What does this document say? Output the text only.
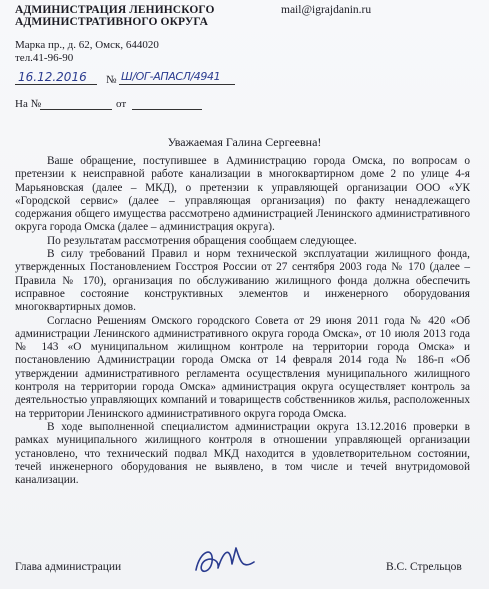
АДМИНИСТРАЦИЯ ЛЕНИНСКОГО
АДМИНИСТРАТИВНОГО ОКРУГА
mail@igrajdanin.ru
Марка пр., д. 62, Омск, 644020
тел.41-96-90
16.12.2016 № Ш/ОГ-АПАСЛ/4941
На №	от
Уважаемая Галина Сергеевна!

Ваше обращение, поступившее в Администрацию города Омска, по вопросам о претензии к неисправной работе канализации в многоквартирном доме 2 по улице 4-я Марьяновская (далее – МКД), о претензии к управляющей организации ООО «УК «Городской сервис» (далее – управляющая организация) по факту ненадлежащего содержания общего имущества рассмотрено администрацией Ленинского административного округа города Омска (далее – администрация округа).

По результатам рассмотрения обращения сообщаем следующее.

В силу требований Правил и норм технической эксплуатации жилищного фонда, утвержденных Постановлением Госстроя России от 27 сентября 2003 года № 170 (далее – Правила № 170), организация по обслуживанию жилищного фонда должна обеспечить исправное состояние конструктивных элементов и инженерного оборудования многоквартирных домов.

Согласно Решениям Омского городского Совета от 29 июня 2011 года № 420 «Об администрации Ленинского административного округа города Омска», от 10 июля 2013 года № 143 «О муниципальном жилищном контроле на территории города Омска» и постановлению Администрации города Омска от 14 февраля 2014 года № 186-п «Об утверждении административного регламента осуществления муниципального жилищного контроля на территории города Омска» администрация округа осуществляет контроль за деятельностью управляющих компаний и товариществ собственников жилья, расположенных на территории Ленинского административного округа города Омска.

В ходе выполненной специалистом администрации округа 13.12.2016 проверки в рамках муниципального жилищного контроля в отношении управляющей организации установлено, что технический подвал МКД находится в удовлетворительном состоянии, течей инженерного оборудования не выявлено, в том числе и течей внутридомовой канализации.

Глава администрации	В.С. Стрельцов
